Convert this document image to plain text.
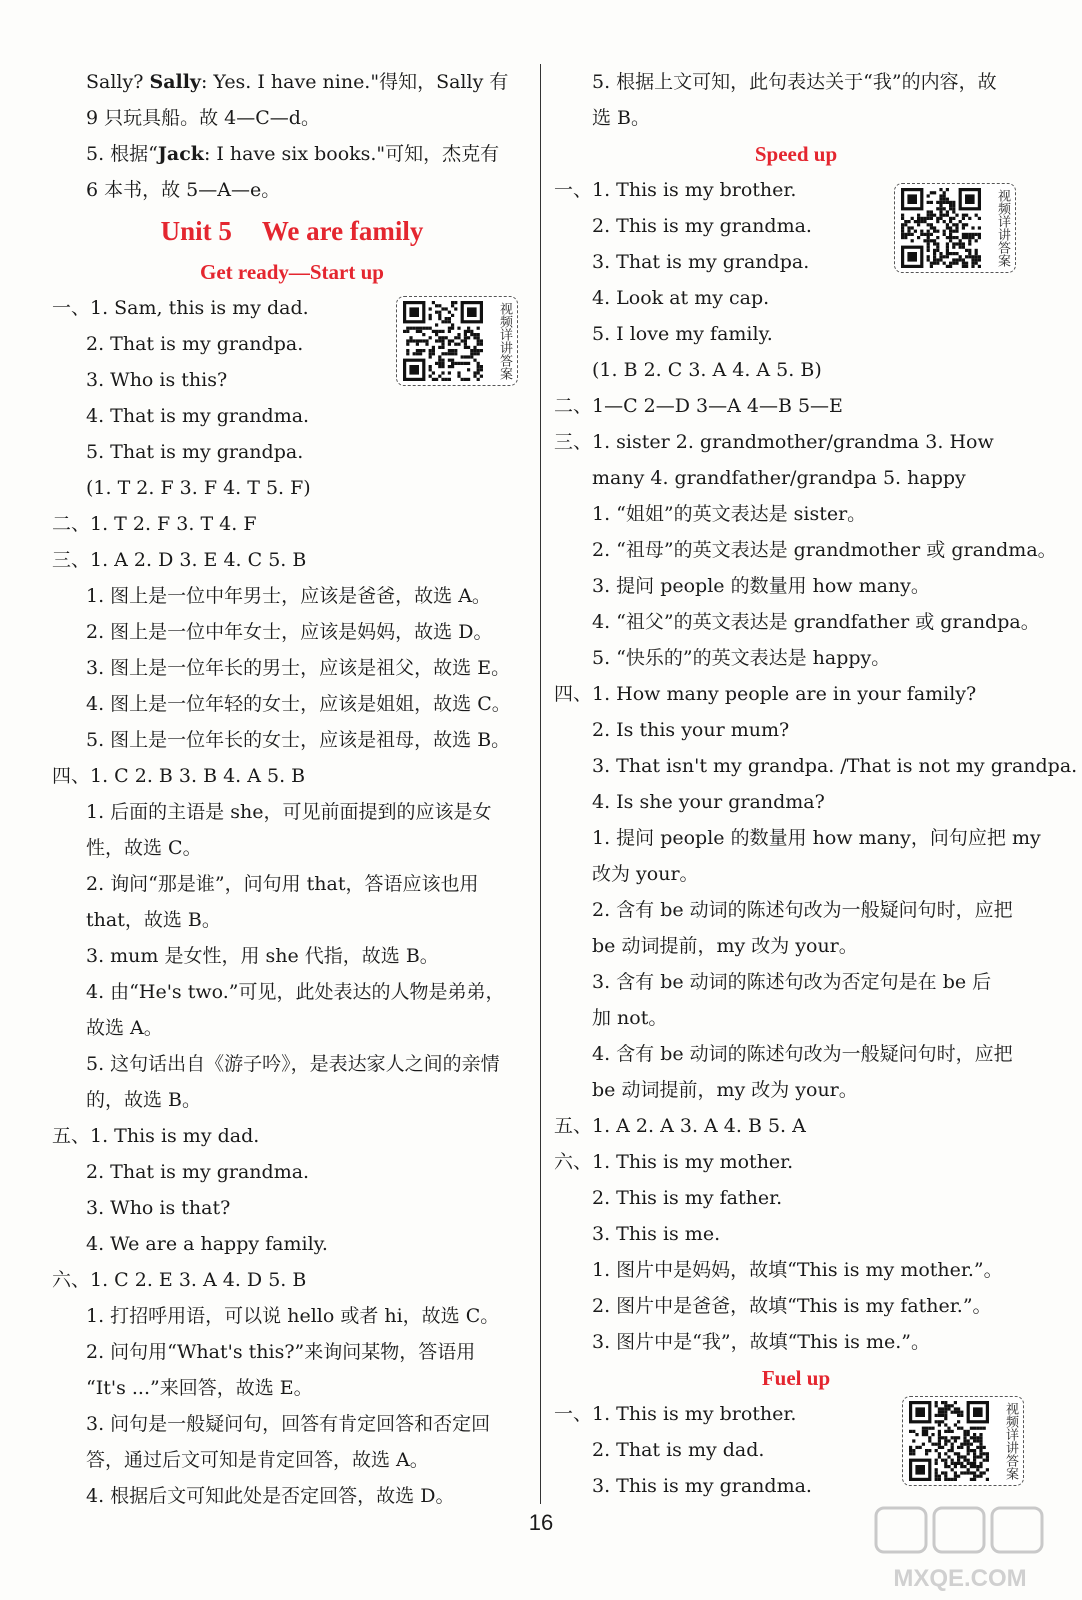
Sally? Sally: Yes. I have nine."得知，Sally 有
9 只玩具船。故 4—C—d。
5. 根据“Jack: I have six books."可知，杰克有
6 本书，故 5—A—e。
Unit 5 We are family
Get ready—Start up
一、1. Sam, this is my dad.
2. That is my grandpa.
3. Who is this?
4. That is my grandma.
5. That is my grandpa.
(1. T 2. F 3. F 4. T 5. F)
二、1. T 2. F 3. T 4. F
三、1. A 2. D 3. E 4. C 5. B
1. 图上是一位中年男士，应该是爸爸，故选 A。
2. 图上是一位中年女士，应该是妈妈，故选 D。
3. 图上是一位年长的男士，应该是祖父，故选 E。
4. 图上是一位年轻的女士，应该是姐姐，故选 C。
5. 图上是一位年长的女士，应该是祖母，故选 B。
四、1. C 2. B 3. B 4. A 5. B
1. 后面的主语是 she，可见前面提到的应该是女
性，故选 C。
2. 询问“那是谁”，问句用 that，答语应该也用
that，故选 B。
3. mum 是女性，用 she 代指，故选 B。
4. 由“He's two.”可见，此处表达的人物是弟弟，
故选 A。
5. 这句话出自《游子吟》，是表达家人之间的亲情
的，故选 B。
五、1. This is my dad.
2. That is my grandma.
3. Who is that?
4. We are a happy family.
六、1. C 2. E 3. A 4. D 5. B
1. 打招呼用语，可以说 hello 或者 hi，故选 C。
2. 问句用“What's this?”来询问某物，答语用
“It's ...”来回答，故选 E。
3. 问句是一般疑问句，回答有肯定回答和否定回
答，通过后文可知是肯定回答，故选 A。
4. 根据后文可知此处是否定回答，故选 D。
5. 根据上文可知，此句表达关于“我”的内容，故
选 B。
Speed up
一、1. This is my brother.
2. This is my grandma.
3. That is my grandpa.
4. Look at my cap.
5. I love my family.
(1. B 2. C 3. A 4. A 5. B)
二、1—C 2—D 3—A 4—B 5—E
三、1. sister 2. grandmother/grandma 3. How
many 4. grandfather/grandpa 5. happy
1. “姐姐”的英文表达是 sister。
2. “祖母”的英文表达是 grandmother 或 grandma。
3. 提问 people 的数量用 how many。
4. “祖父”的英文表达是 grandfather 或 grandpa。
5. “快乐的”的英文表达是 happy。
四、1. How many people are in your family?
2. Is this your mum?
3. That isn't my grandpa. /That is not my grandpa.
4. Is she your grandma?
1. 提问 people 的数量用 how many，问句应把 my
改为 your。
2. 含有 be 动词的陈述句改为一般疑问句时，应把
be 动词提前，my 改为 your。
3. 含有 be 动词的陈述句改为否定句是在 be 后
加 not。
4. 含有 be 动词的陈述句改为一般疑问句时，应把
be 动词提前，my 改为 your。
五、1. A 2. A 3. A 4. B 5. A
六、1. This is my mother.
2. This is my father.
3. This is me.
1. 图片中是妈妈，故填“This is my mother.”。
2. 图片中是爸爸，故填“This is my father.”。
3. 图片中是“我”，故填“This is me.”。
Fuel up
一、1. This is my brother.
2. That is my dad.
3. This is my grandma.
视频详讲答案
视频详讲答案
视频详讲答案
16
MXQE.COM
